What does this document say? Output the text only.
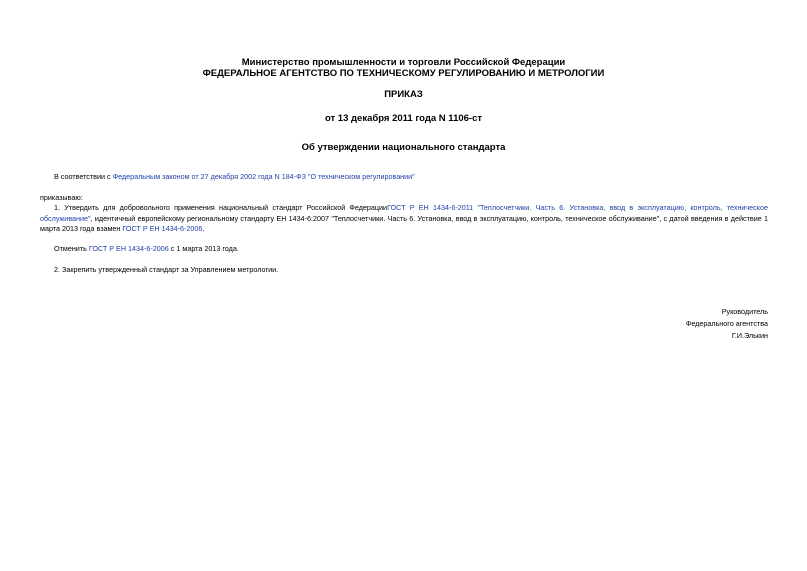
Министерство промышленности и торговли Российской Федерации
ФЕДЕРАЛЬНОЕ АГЕНТСТВО ПО ТЕХНИЧЕСКОМУ РЕГУЛИРОВАНИЮ И МЕТРОЛОГИИ
ПРИКАЗ
от 13 декабря 2011 года N 1106-ст
Об утверждении национального стандарта
В соответствии с Федеральным законом от 27 декабря 2002 года N 184-ФЗ "О техническом регулировании"
приказываю:
1. Утвердить для добровольного применения национальный стандарт Российской ФедерацииГОСТ Р ЕН 1434-6-2011 "Теплосчетчики. Часть 6. Установка, ввод в эксплуатацию, контроль, техническое обслуживание", идентичный европейскому региональному стандарту ЕН 1434-6:2007 "Теплосчетчики. Часть 6. Установка, ввод в эксплуатацию, контроль, техническое обслуживание", с датой введения в действие 1 марта 2013 года взамен ГОСТ Р ЕН 1434-6-2006.
Отменить ГОСТ Р ЕН 1434-6-2006 с 1 марта 2013 года.
2. Закрепить утвержденный стандарт за Управлением метрологии.
Руководитель
Федерального агентства
Г.И.Элькин
